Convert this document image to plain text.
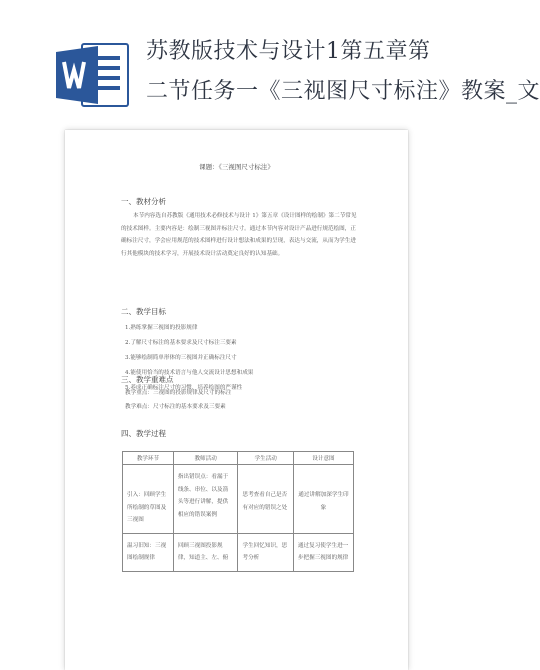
苏教版技术与设计1第五章第
二节任务一《三视图尺寸标注》教案_文
课题：《三视图尺寸标注》
一、教材分析
本节内容选自苏教版《通用技术必修技术与设计 1》第五章《设计图样的绘制》第二节常见的技术图样。主要内容是：绘制三视图并标注尺寸。通过本节内容对设计产品进行规范绘图，正确标注尺寸，学会应用规范的技术图样进行设计想法和成果的呈现，表达与交流，从而为学生进行其他模块的技术学习，开展技术设计活动奠定良好的认知基础。
二、教学目标
1.熟练掌握三视图的投影规律
2.了解尺寸标注的基本要求及尺寸标注三要素
3.能够绘制简单形体的三视图并正确标注尺寸
4.能使用恰当的技术语言与他人交流设计思想和成果
5.养成正确标注尺寸的习惯，培养绘图的严谨性
三、教学重难点
教学重点：三视图的投影规律及尺寸的标注
教学难点：尺寸标注的基本要求及三要素
四、教学过程
教学环节	教师活动	学生活动	设计意图

引入：回顾学生所绘制的草图及三视图	指出错误点：看漏于线条、串位、以及箭头等进行讲解，提供相应的错误案例	思考查看自己是否有对应的错误之处	通过讲解加深学生印象

温习旧知：三视图绘制规律	回顾三视图投影规律，知道主、左、俯	学生回忆知识，思考分析	通过复习使学生进一步把握三视图的规律
